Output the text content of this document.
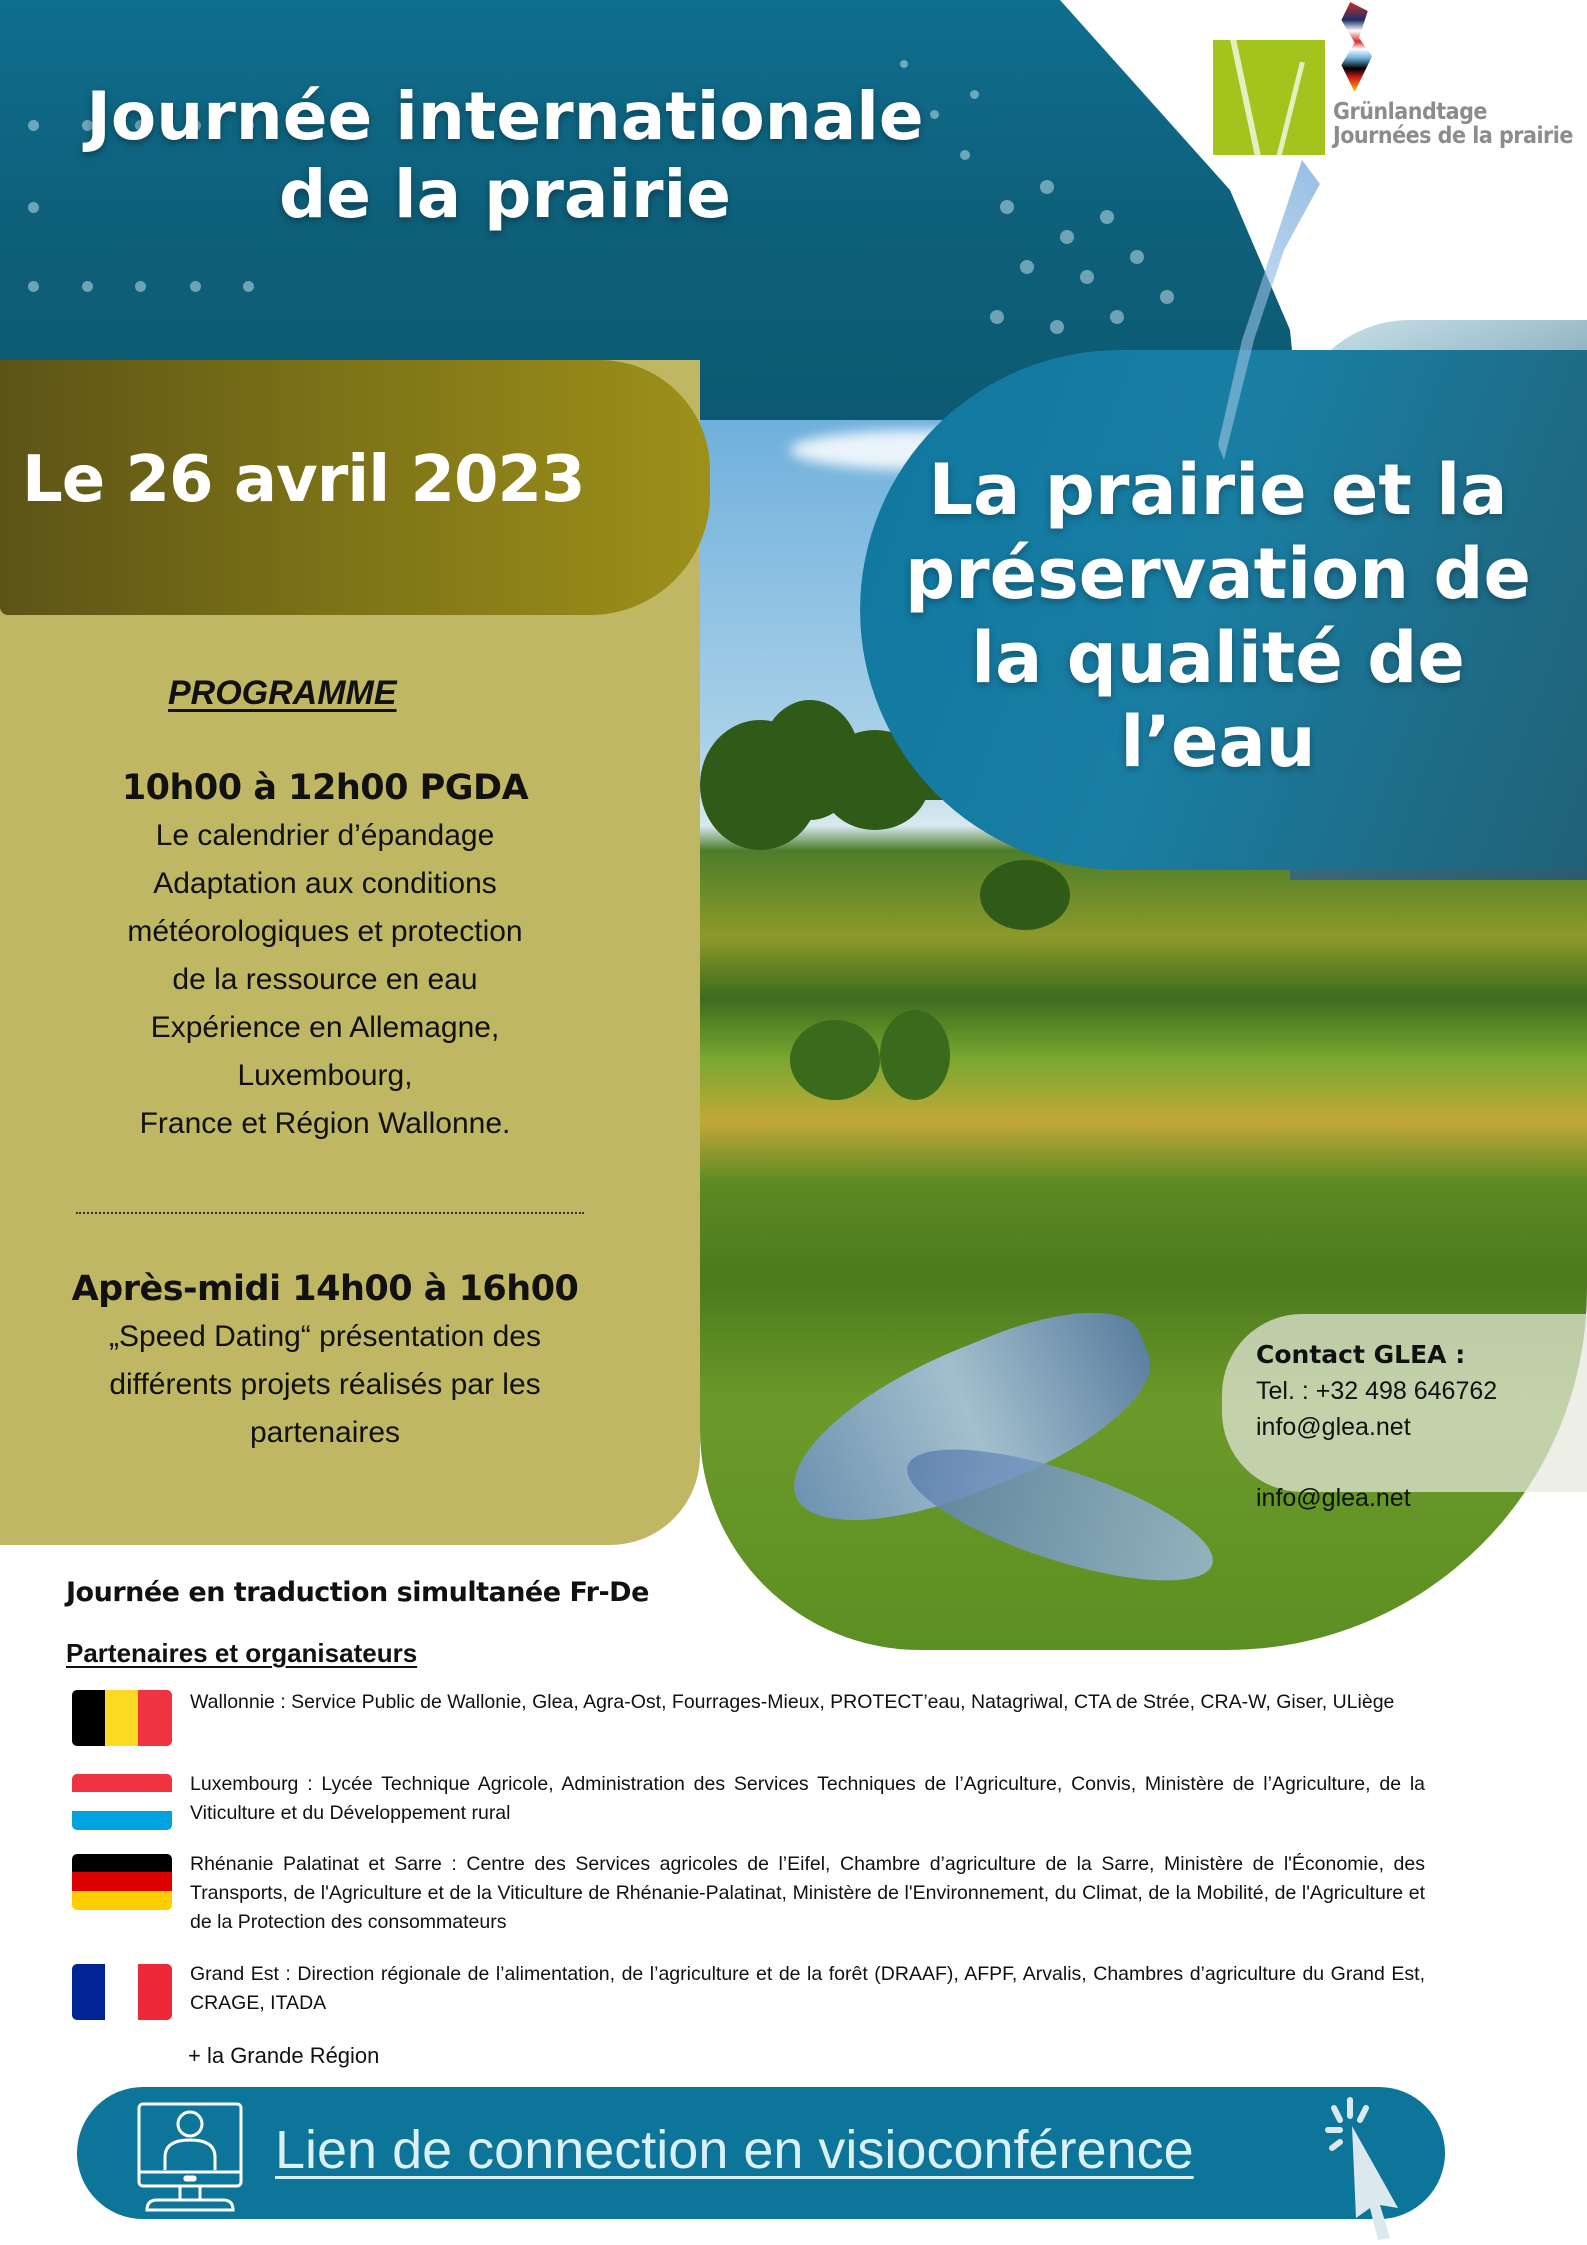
Journée internationale
de la prairie
Grünlandtage
Journées de la prairie
Le 26 avril 2023
PROGRAMME
10h00 à 12h00 PGDA
Le calendrier d’épandage
Adaptation aux conditions
météorologiques et protection
de la ressource en eau
Expérience en Allemagne,
Luxembourg,
France et Région Wallonne.
Après-midi 14h00 à 16h00
„Speed Dating“ présentation des
différents projets réalisés par les
partenaires
La prairie et la
préservation de
la qualité de
l’eau
Contact GLEA :
Tel. : +32 498 646762
info@glea.net
info@glea.net
Journée en traduction simultanée Fr-De
Partenaires et organisateurs
Wallonnie : Service Public de Wallonie, Glea, Agra-Ost, Fourrages-Mieux, PROTECT’eau, Natagriwal, CTA de Strée, CRA-W, Giser, ULiège
Luxembourg : Lycée Technique Agricole, Administration des Services Techniques de l’Agriculture, Convis, Ministère de l’Agriculture, de la Viticulture et du Développement rural
Rhénanie Palatinat et Sarre : Centre des Services agricoles de l’Eifel, Chambre d’agriculture de la Sarre, Ministère de l'Économie, des Transports, de l'Agriculture et de la Viticulture de Rhénanie-Palatinat, Ministère de l'Environnement, du Climat, de la Mobilité, de l'Agriculture et de la Protection des consommateurs
Grand Est : Direction régionale de l’alimentation, de l’agriculture et de la forêt (DRAAF), AFPF, Arvalis, Chambres d’agriculture du Grand Est, CRAGE, ITADA
+ la Grande Région
Lien de connection en visioconférence
